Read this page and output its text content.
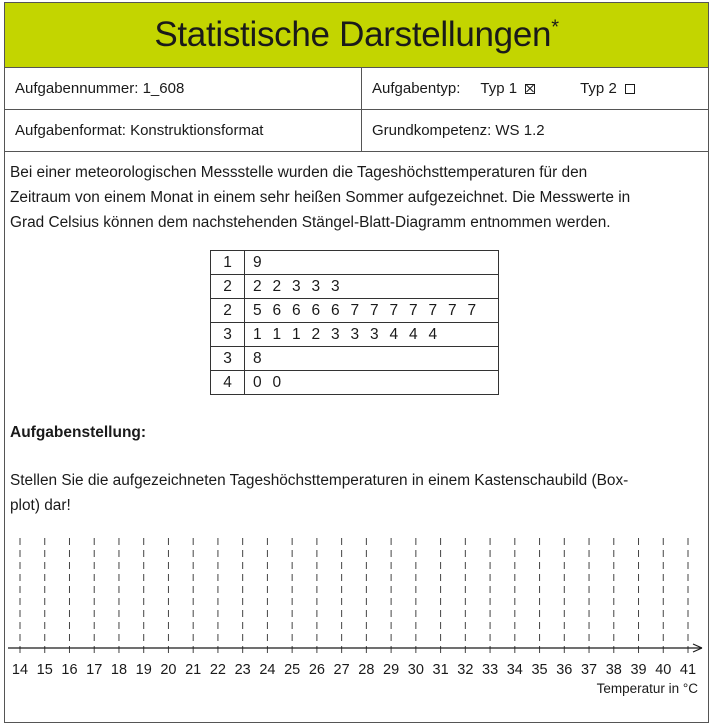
Statistische Darstellungen*
Aufgabennummer: 1_608	Aufgabentyp: Typ 1	Typ 2
Aufgabenformat: Konstruktionsformat	Grundkompetenz: WS 1.2
Bei einer meteorologischen Messstelle wurden die Tageshöchsttemperaturen für den
Zeitraum von einem Monat in einem sehr heißen Sommer aufgezeichnet. Die Messwerte in
Grad Celsius können dem nachstehenden Stängel-Blatt-Diagramm entnommen werden.
1	9
2	2 2 3 3 3
2	5 6 6 6 6 7 7 7 7 7 7 7
3	1 1 1 2 3 3 3 4 4 4
3	8
4	0 0
Aufgabenstellung:
Stellen Sie die aufgezeichneten Tageshöchsttemperaturen in einem Kastenschaubild (Box-
plot) dar!
14 15 16 17 18 19 20 21 22 23 24 25 26 27 28 29 30 31 32 33 34 35 36 37 38 39 40 41
Temperatur in °C
